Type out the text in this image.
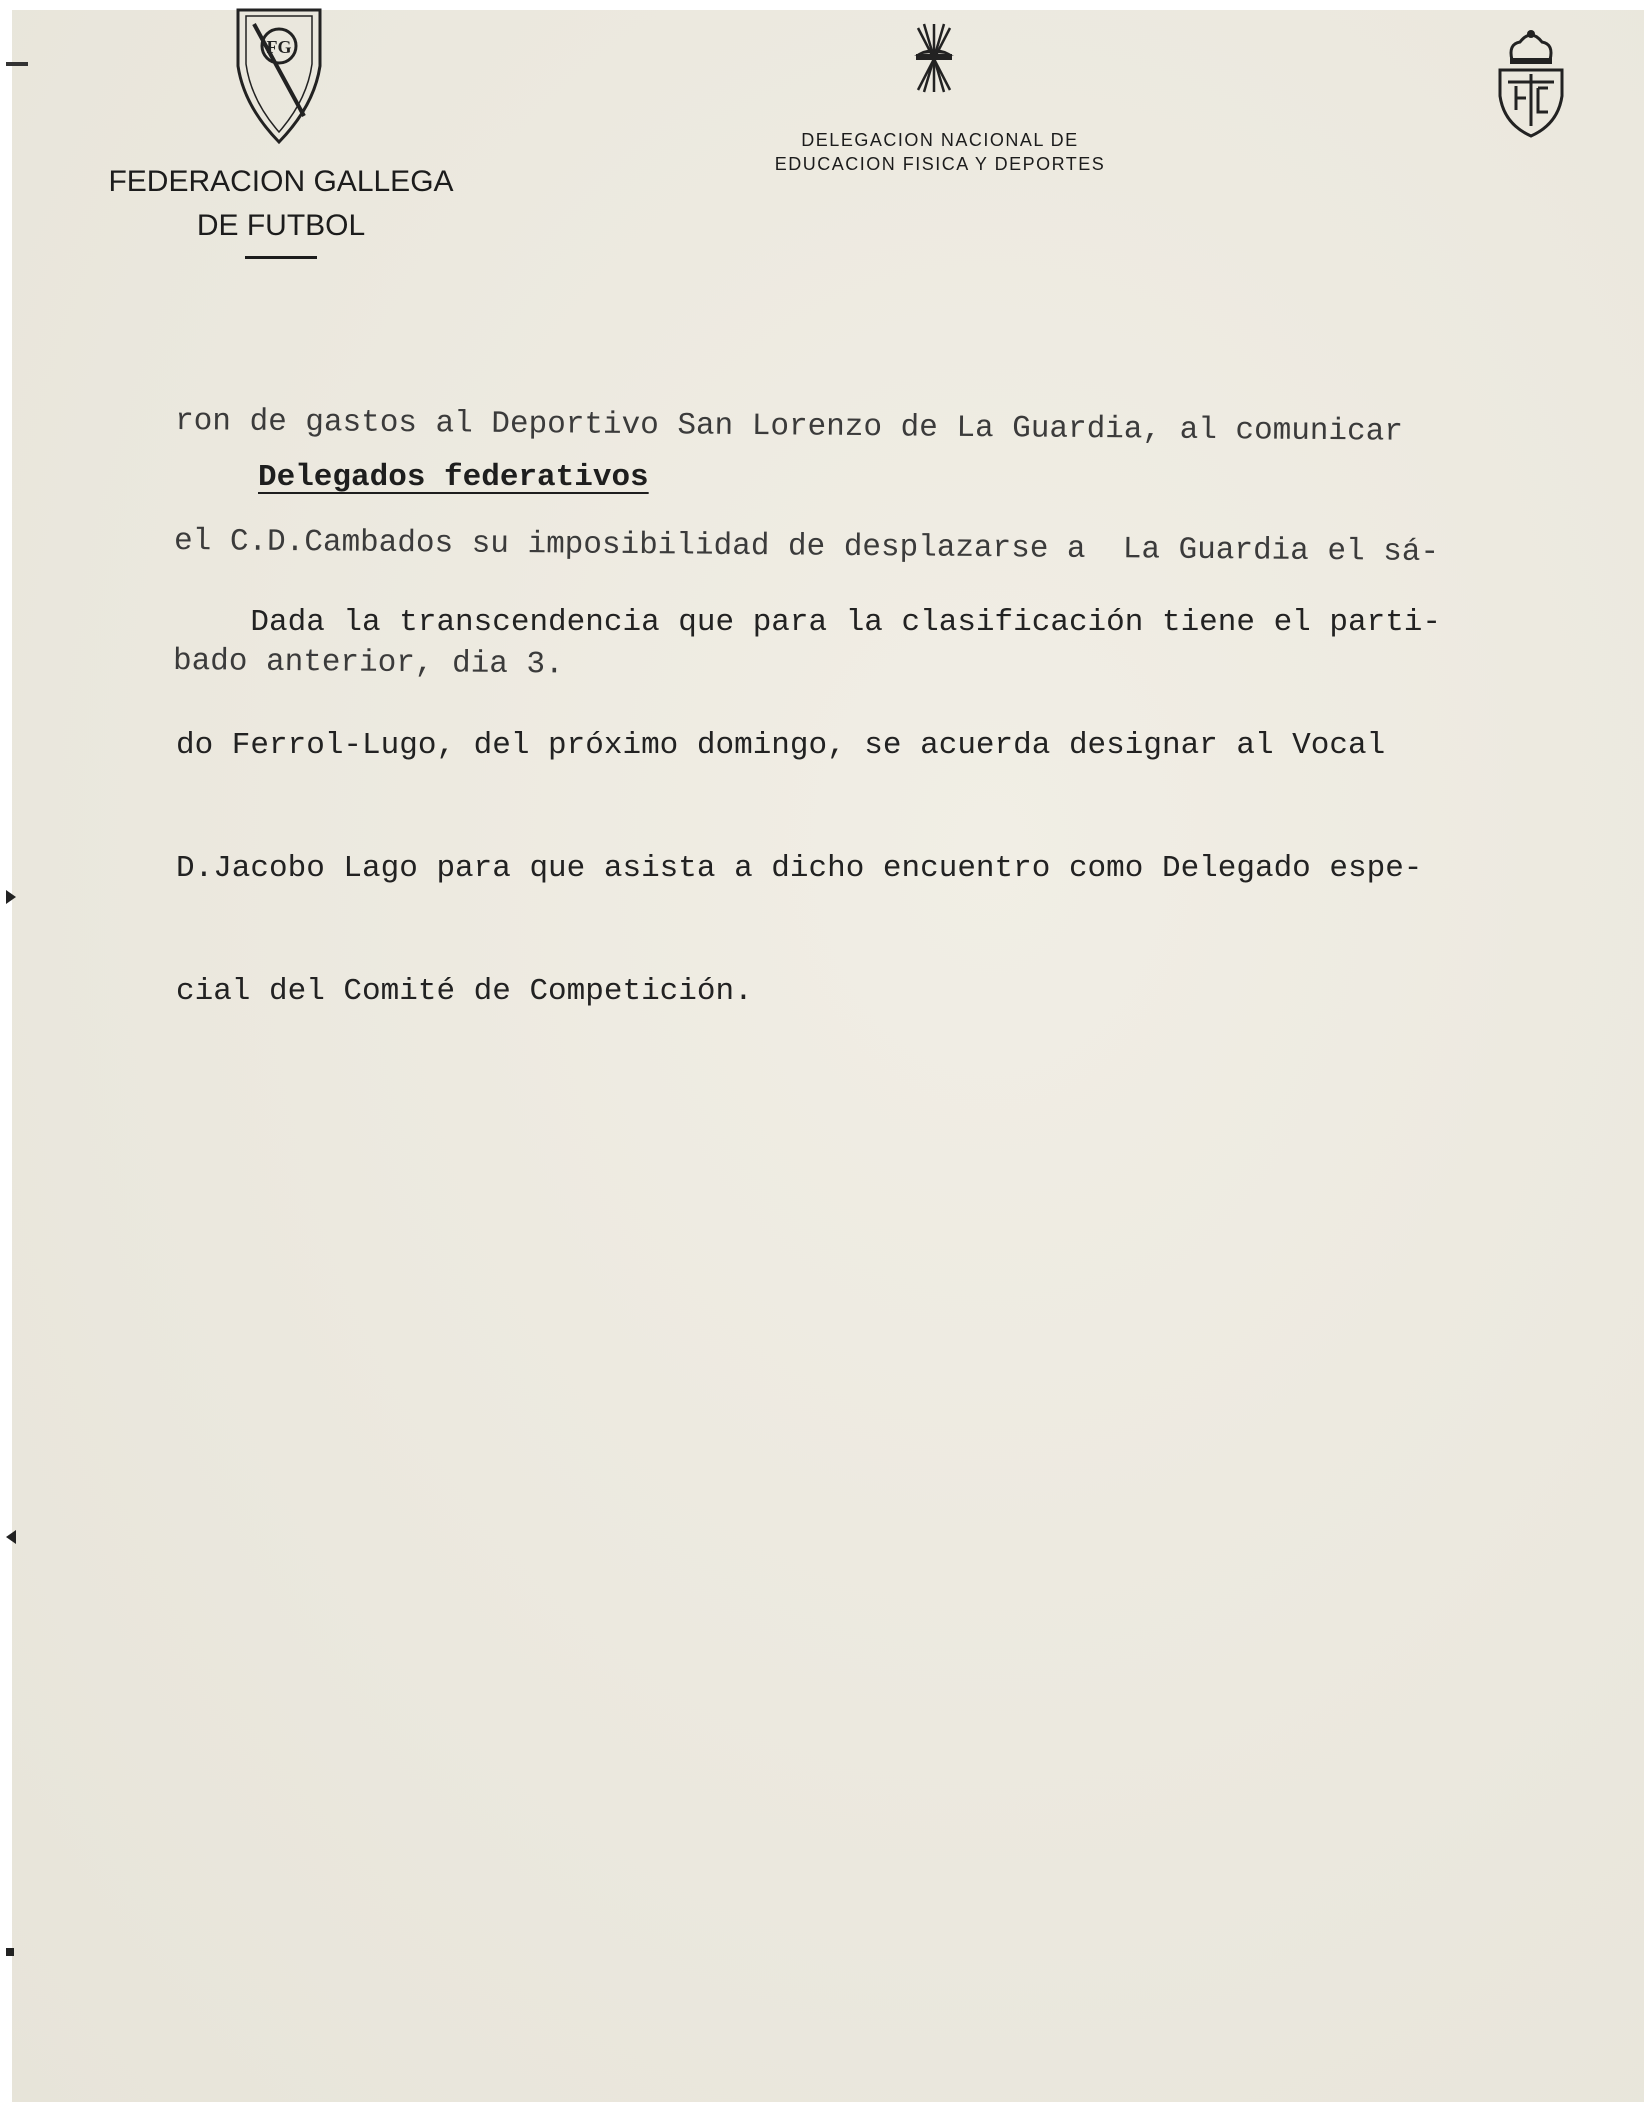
FG
FEDERACION GALLEGA
DE FUTBOL
DELEGACION NACIONAL DE
EDUCACION FISICA Y DEPORTES

ron de gastos al Deportivo San Lorenzo de La Guardia, al comunicar

el C.D.Cambados su imposibilidad de desplazarse a  La Guardia el sá-

bado anterior, dia 3.

Delegados federativos

Dada la transcendencia que para la clasificación tiene el parti-

do Ferrol-Lugo, del próximo domingo, se acuerda designar al Vocal

D.Jacobo Lago para que asista a dicho encuentro como Delegado espe-

cial del Comité de Competición.
